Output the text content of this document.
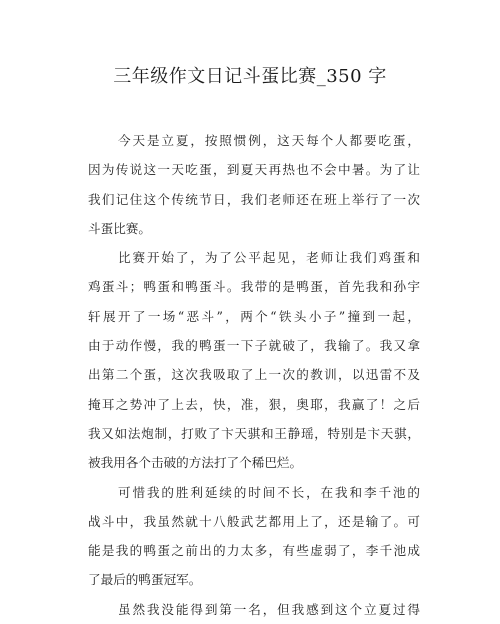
三年级作文日记斗蛋比赛_350 字
今天是立夏，按照惯例，这天每个人都要吃蛋，
因为传说这一天吃蛋，到夏天再热也不会中暑。为了让
我们记住这个传统节日，我们老师还在班上举行了一次
斗蛋比赛。
比赛开始了，为了公平起见，老师让我们鸡蛋和
鸡蛋斗；鸭蛋和鸭蛋斗。我带的是鸭蛋，首先我和孙宇
轩展开了一场“恶斗”，两个“铁头小子”撞到一起，
由于动作慢，我的鸭蛋一下子就破了，我输了。我又拿
出第二个蛋，这次我吸取了上一次的教训，以迅雷不及
掩耳之势冲了上去，快，准，狠，奥耶，我赢了！之后
我又如法炮制，打败了卞天骐和王静瑶，特别是卞天骐，
被我用各个击破的方法打了个稀巴烂。
可惜我的胜利延续的时间不长，在我和李千池的
战斗中，我虽然就十八般武艺都用上了，还是输了。可
能是我的鸭蛋之前出的力太多，有些虚弱了，李千池成
了最后的鸭蛋冠军。
虽然我没能得到第一名，但我感到这个立夏过得
